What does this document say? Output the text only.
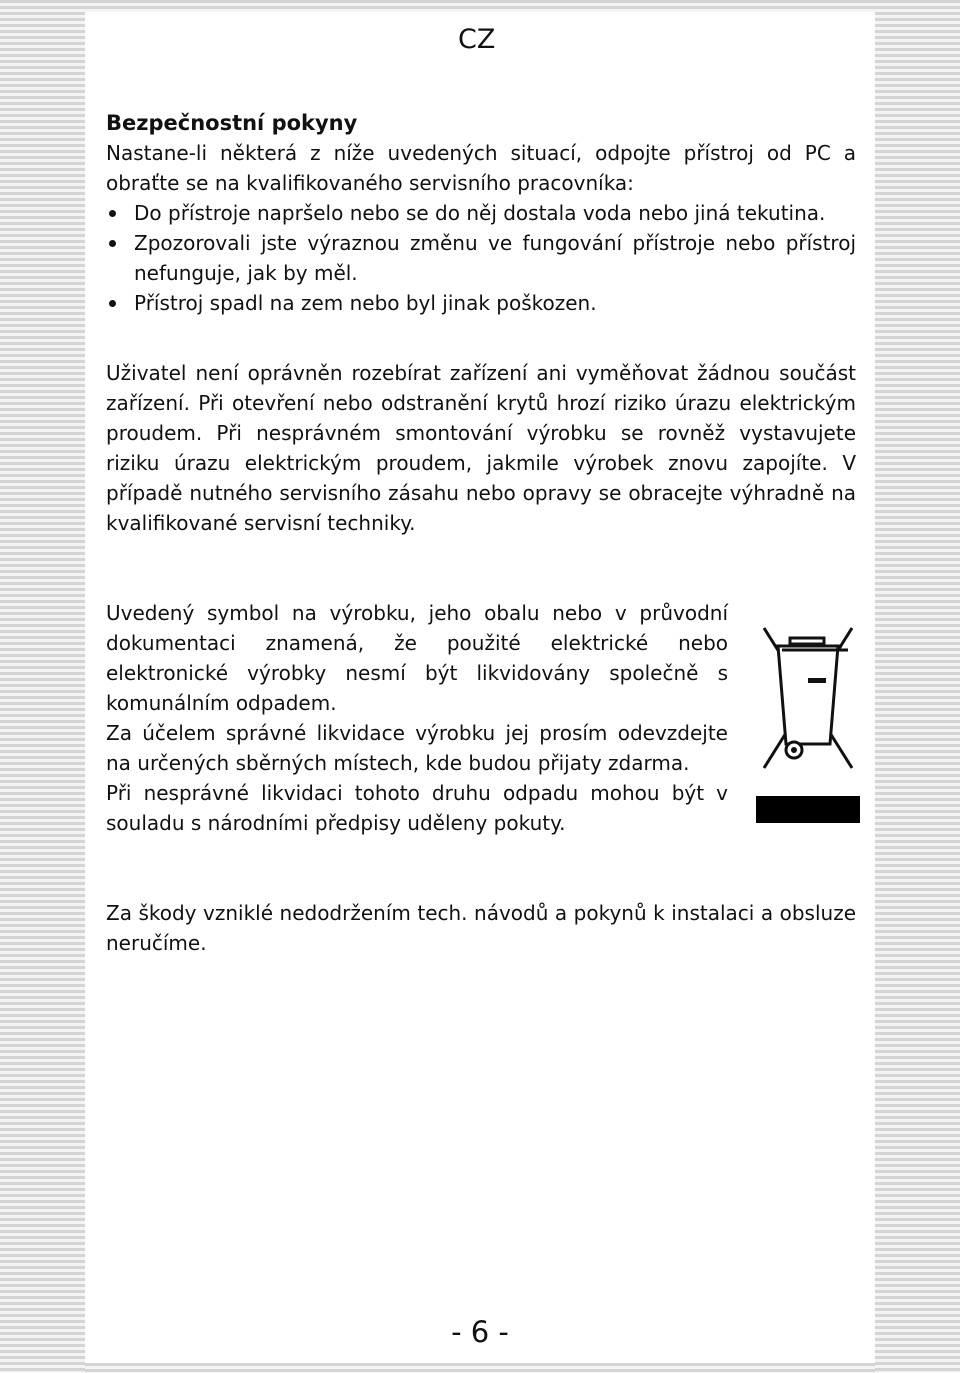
CZ
Bezpečnostní pokyny

Nastane-li některá z níže uvedených situací, odpojte přístroj od PC a obraťte se na kvalifikovaného servisního pracovníka:

Do přístroje napršelo nebo se do něj dostala voda nebo jiná tekutina.
Zpozorovali jste výraznou změnu ve fungování přístroje nebo přístroj nefunguje, jak by měl.
Přístroj spadl na zem nebo byl jinak poškozen.

Uživatel není oprávněn rozebírat zařízení ani vyměňovat žádnou součást zařízení. Při otevření nebo odstranění krytů hrozí riziko úrazu elektrickým proudem. Při nesprávném smontování výrobku se rovněž vystavujete riziku úrazu elektrickým proudem, jakmile výrobek znovu zapojíte. V případě nutného servisního zásahu nebo opravy se obracejte výhradně na kvalifikované servisní techniky.

Uvedený symbol na výrobku, jeho obalu nebo v průvodní dokumentaci znamená, že použité elektrické nebo elektronické výrobky nesmí být likvidovány společně s komunálním odpadem.

Za účelem správné likvidace výrobku jej prosím odevzdejte na určených sběrných místech, kde budou přijaty zdarma.

Při nesprávné likvidaci tohoto druhu odpadu mohou být v souladu s národními předpisy uděleny pokuty.

Za škody vzniklé nedodržením tech. návodů a pokynů k instalaci a obsluze neručíme.

- 6 -
